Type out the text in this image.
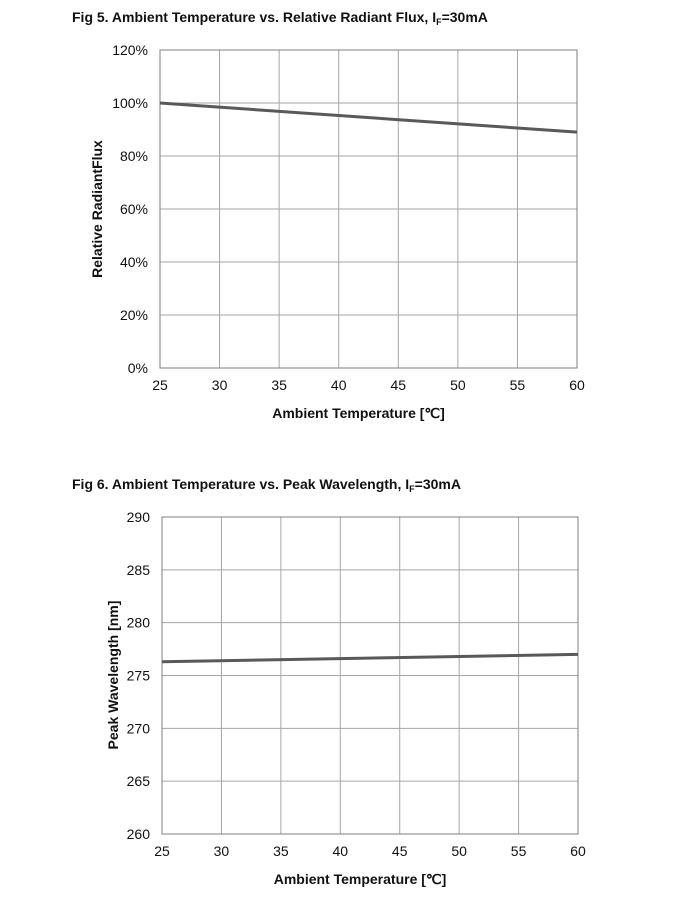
Fig 5. Ambient Temperature vs. Relative Radiant Flux, $I_F=30mA$
25	30	35	40	45	50	55	60
0%
20%
40%
60%
80%
100%
120%
Ambient Temperature [℃]
Relative RadiantFlux
Fig 6. Ambient Temperature vs. Peak Wavelength, $I_F=30mA$
25	30	35	40	45	50	55	60
260
265
270
275
280
285
290
Ambient Temperature [℃]
Peak Wavelength [nm]
